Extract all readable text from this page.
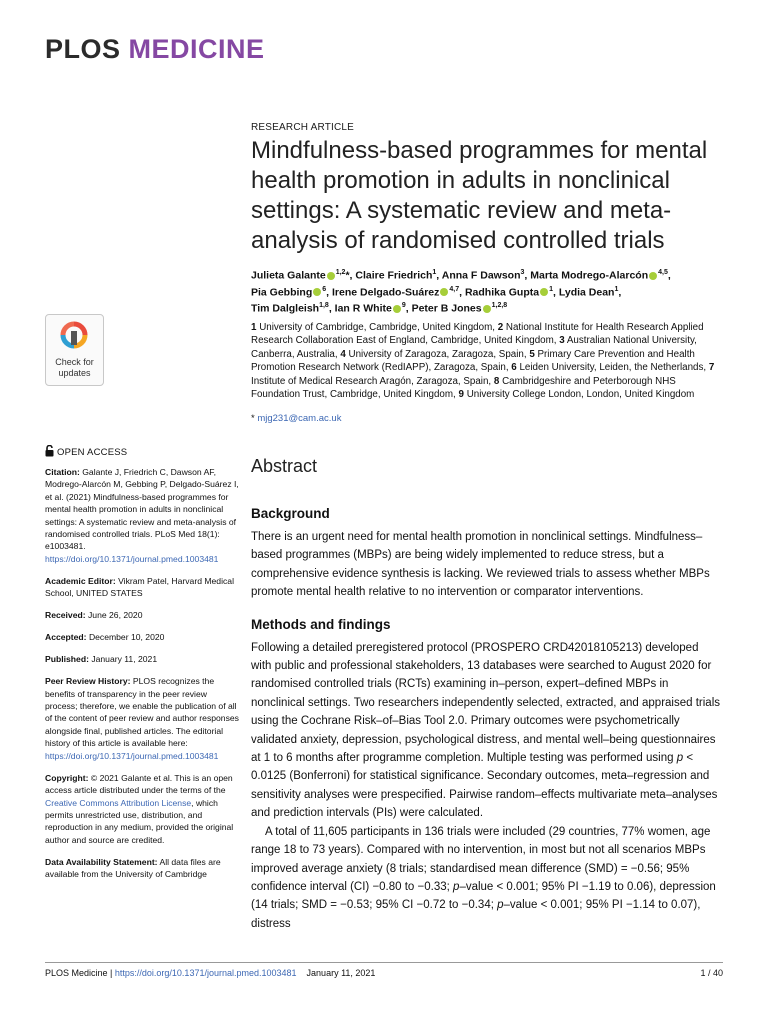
PLOS MEDICINE
RESEARCH ARTICLE
Mindfulness-based programmes for mental health promotion in adults in nonclinical settings: A systematic review and meta-analysis of randomised controlled trials
Julieta Galante $^{1,2}$*, Claire Friedrich$^1$, Anna F Dawson$^3$, Marta Modrego-Alarcón $^{4,5}$,
Pia Gebbing $^6$, Irene Delgado-Suárez $^{4,7}$, Radhika Gupta $^1$, Lydia Dean$^1$,
Tim Dalgleish$^{1,8}$, Ian R White $^9$, Peter B Jones $^{1,2,8}$
1 University of Cambridge, Cambridge, United Kingdom, 2 National Institute for Health Research Applied Research Collaboration East of England, Cambridge, United Kingdom, 3 Australian National University, Canberra, Australia, 4 University of Zaragoza, Zaragoza, Spain, 5 Primary Care Prevention and Health Promotion Research Network (RedIAPP), Zaragoza, Spain, 6 Leiden University, Leiden, the Netherlands, 7 Institute of Medical Research Aragón, Zaragoza, Spain, 8 Cambridgeshire and Peterborough NHS Foundation Trust, Cambridge, United Kingdom, 9 University College London, London, United Kingdom
* mjg231@cam.ac.uk
Check for
updates
OPEN ACCESS

Citation: Galante J, Friedrich C, Dawson AF, Modrego-Alarcón M, Gebbing P, Delgado-Suárez I, et al. (2021) Mindfulness-based programmes for mental health promotion in adults in nonclinical settings: A systematic review and meta-analysis of randomised controlled trials. PLoS Med 18(1): e1003481. https://doi.org/10.1371/journal.pmed.1003481

Academic Editor: Vikram Patel, Harvard Medical School, UNITED STATES

Received: June 26, 2020

Accepted: December 10, 2020

Published: January 11, 2021

Peer Review History: PLOS recognizes the benefits of transparency in the peer review process; therefore, we enable the publication of all of the content of peer review and author responses alongside final, published articles. The editorial history of this article is available here: https://doi.org/10.1371/journal.pmed.1003481

Copyright: © 2021 Galante et al. This is an open access article distributed under the terms of the Creative Commons Attribution License, which permits unrestricted use, distribution, and reproduction in any medium, provided the original author and source are credited.

Data Availability Statement: All data files are available from the University of Cambridge

Abstract
Background

There is an urgent need for mental health promotion in nonclinical settings. Mindfulness–based programmes (MBPs) are being widely implemented to reduce stress, but a comprehensive evidence synthesis is lacking. We reviewed trials to assess whether MBPs promote mental health relative to no intervention or comparator interventions.

Methods and findings

Following a detailed preregistered protocol (PROSPERO CRD42018105213) developed with public and professional stakeholders, 13 databases were searched to August 2020 for randomised controlled trials (RCTs) examining in–person, expert–defined MBPs in nonclinical settings. Two researchers independently selected, extracted, and appraised trials using the Cochrane Risk–of–Bias Tool 2.0. Primary outcomes were psychometrically validated anxiety, depression, psychological distress, and mental well–being questionnaires at 1 to 6 months after programme completion. Multiple testing was performed using p < 0.0125 (Bonferroni) for statistical significance. Secondary outcomes, meta–regression and sensitivity analyses were prespecified. Pairwise random–effects multivariate meta–analyses and prediction intervals (PIs) were calculated.

A total of 11,605 participants in 136 trials were included (29 countries, 77% women, age range 18 to 73 years). Compared with no intervention, in most but not all scenarios MBPs improved average anxiety (8 trials; standardised mean difference (SMD) = −0.56; 95% confidence interval (CI) −0.80 to −0.33; p–value < 0.001; 95% PI −1.19 to 0.06), depression (14 trials; SMD = −0.53; 95% CI −0.72 to −0.34; p–value < 0.001; 95% PI −1.14 to 0.07), distress

PLOS Medicine | https://doi.org/10.1371/journal.pmed.1003481 January 11, 2021	1 / 40
